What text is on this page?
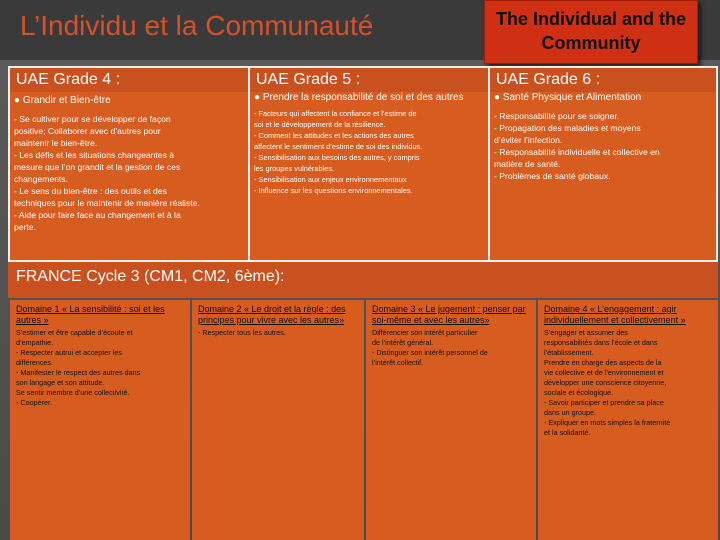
L’Individu et la Communauté	The Individual and the Community
UAE Grade 4 :
● Grandir et Bien-être
- Se cultiver pour se développer de façon
positive; Collaborer avec d’autres pour
maintenir le bien-être.
- Les défis et les situations changeantes à
mesure que l’on grandit et la gestion de ces
changements.
- Le sens du bien-être : des outils et des
techniques pour le maintenir de manière réaliste.
- Aide pour faire face au changement et à la
perte.
UAE Grade 5 :
● Prendre la responsabilité de soi et des autres
- Facteurs qui affectent la confiance et l’estime de
soi et le développement de la résilience.
- Comment les attitudes et les actions des autres
affectent le sentiment d’estime de soi des individus.
- Sensibilisation aux besoins des autres, y compris
les groupes vulnérables.
- Sensibilisation aux enjeux environnementaux
- Influence sur les questions environnementales.
UAE Grade 6 :
● Santé Physique et Alimentation
- Responsabilité pour se soigner.
- Propagation des maladies et moyens
d’éviter l’infection.
- Responsabilité individuelle et collective en
matière de santé.
- Problèmes de santé globaux.
FRANCE Cycle 3 (CM1, CM2, 6ème):
Domaine 1 « La sensibilité : soi et les autres »
S’estimer et être capable d’écoute et
d’empathie.
- Respecter autrui et accepter les
différences.
- Manifester le respect des autres dans
son langage et son attitude.
Se sentir membre d’une collectivité.
- Coopérer.
Domaine 2 « Le droit et la règle : des principes pour vivre avec les autres»
- Respecter tous les autres.
Domaine 3 « Le jugement : penser par soi-même et avec les autres»
Différencier son intérêt particulier
de l’intérêt général.
- Distinguer son intérêt personnel de
l’intérêt collectif.
Domaine 4 « L’engagement : agir individuellement et collectivement »
S’engager et assumer des
responsabilités dans l’école et dans
l’établissement.
Prendre en charge des aspects de la
vie collective et de l’environnement et
développer une conscience citoyenne,
sociale et écologique.
- Savoir participer et prendre sa place
dans un groupe.
- Expliquer en mots simples la fraternité
et la solidarité.
